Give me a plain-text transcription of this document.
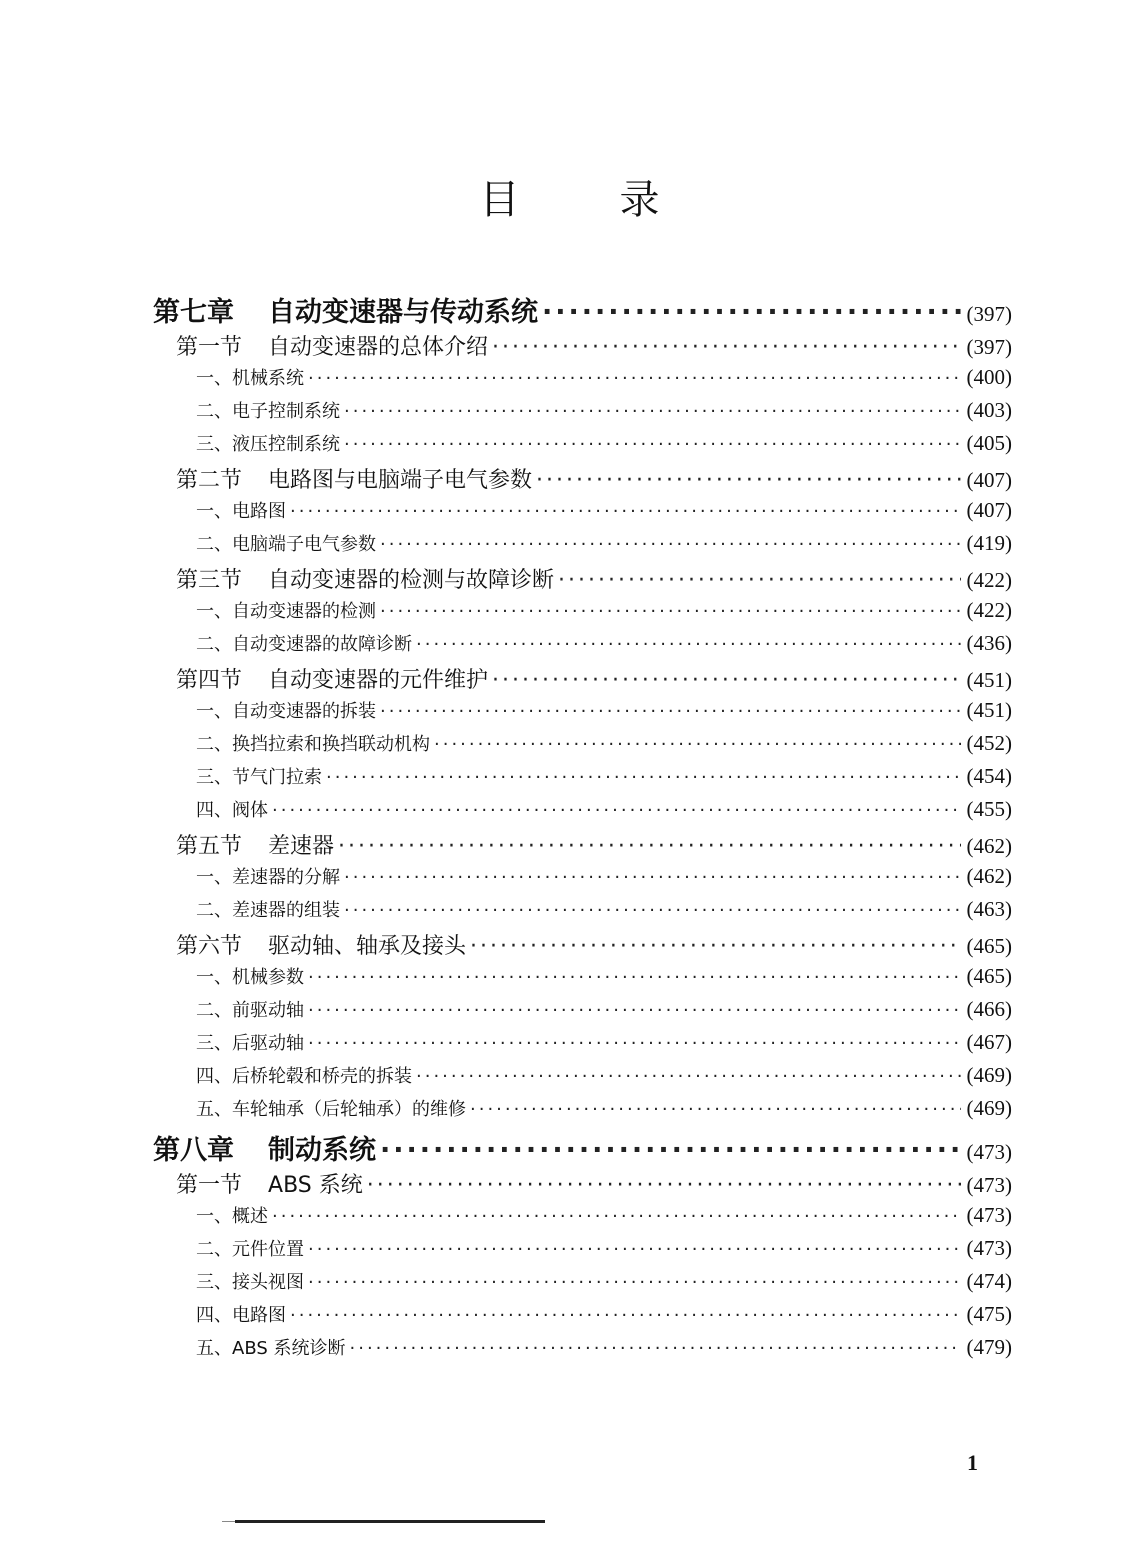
目	录
第七章 自动变速器与传动系统 ·····	(397)
第一节 自动变速器的总体介绍 ·····	(397)
一、机械系统 ·····	(400)
二、电子控制系统 ·····	(403)
三、液压控制系统 ·····	(405)
第二节 电路图与电脑端子电气参数 ·····	(407)
一、电路图 ·····	(407)
二、电脑端子电气参数 ·····	(419)
第三节 自动变速器的检测与故障诊断 ·····	(422)
一、自动变速器的检测 ·····	(422)
二、自动变速器的故障诊断 ·····	(436)
第四节 自动变速器的元件维护 ·····	(451)
一、自动变速器的拆装 ·····	(451)
二、换挡拉索和换挡联动机构 ·····	(452)
三、节气门拉索 ·····	(454)
四、阀体 ·····	(455)
第五节 差速器 ·····	(462)
一、差速器的分解 ·····	(462)
二、差速器的组装 ·····	(463)
第六节 驱动轴、轴承及接头 ·····	(465)
一、机械参数 ·····	(465)
二、前驱动轴 ·····	(466)
三、后驱动轴 ·····	(467)
四、后桥轮毂和桥壳的拆装 ·····	(469)
五、车轮轴承（后轮轴承）的维修 ·····	(469)
第八章 制动系统 ·····	(473)
第一节 ABS 系统 ·····	(473)
一、概述 ·····	(473)
二、元件位置 ·····	(473)
三、接头视图 ·····	(474)
四、电路图 ·····	(475)
五、ABS 系统诊断 ·····	(479)
1
